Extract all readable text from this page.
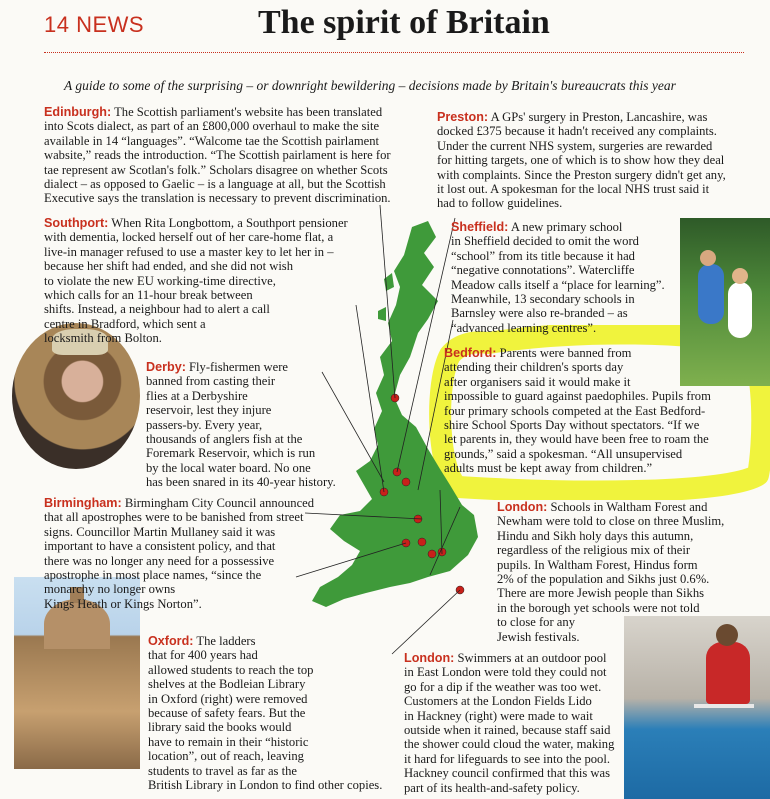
14 NEWS	The spirit of Britain
A guide to some of the surprising – or downright bewildering – decisions made by Britain's bureaucrats this year
Edinburgh: The Scottish parliament's website has been translated
into Scots dialect, as part of an £800,000 overhaul to make the site
available in 14 “languages”. “Walcome tae the Scottish pairlament
wabsite,” reads the introduction. “The Scottish pairlament is here for
tae represent aw Scotlan's folk.” Scholars disagree on whether Scots
dialect – as opposed to Gaelic – is a language at all, but the Scottish
Executive says the translation is necessary to prevent discrimination.
Preston: A GPs' surgery in Preston, Lancashire, was
docked £375 because it hadn't received any complaints.
Under the current NHS system, surgeries are rewarded
for hitting targets, one of which is to show how they deal
with complaints. Since the Preston surgery didn't get any,
it lost out. A spokesman for the local NHS trust said it
had to follow guidelines.
Southport: When Rita Longbottom, a Southport pensioner
with dementia, locked herself out of her care-home flat, a
live-in manager refused to use a master key to let her in –
because her shift had ended, and she did not wish
to violate the new EU working-time directive,
which calls for an 11-hour break between
shifts. Instead, a neighbour had to alert a call
centre in Bradford, which sent a
locksmith from Bolton.
Sheffield: A new primary school
in Sheffield decided to omit the word
“school” from its title because it had
“negative connotations”. Watercliffe
Meadow calls itself a “place for learning”.
Meanwhile, 13 secondary schools in
Barnsley were also re-branded – as
“advanced learning centres”.
Derby: Fly-fishermen were
banned from casting their
flies at a Derbyshire
reservoir, lest they injure
passers-by. Every year,
thousands of anglers fish at the
Foremark Reservoir, which is run
by the local water board. No one
has been snared in its 40-year history.
Bedford: Parents were banned from
attending their children's sports day
after organisers said it would make it
impossible to guard against paedophiles. Pupils from
four primary schools competed at the East Bedford-
shire School Sports Day without spectators. “If we
let parents in, they would have been free to roam the
grounds,” said a spokesman. “All unsupervised
adults must be kept away from children.”
Birmingham: Birmingham City Council announced
that all apostrophes were to be banished from street
signs. Councillor Martin Mullaney said it was
important to have a consistent policy, and that
there was no longer any need for a possessive
apostrophe in most place names, “since the
monarchy no longer owns
Kings Heath or Kings Norton”.
London: Schools in Waltham Forest and
Newham were told to close on three Muslim,
Hindu and Sikh holy days this autumn,
regardless of the religious mix of their
pupils. In Waltham Forest, Hindus form
2% of the population and Sikhs just 0.6%.
There are more Jewish people than Sikhs
in the borough yet schools were not told
to close for any
Jewish festivals.
Oxford: The ladders
that for 400 years had
allowed students to reach the top
shelves at the Bodleian Library
in Oxford (right) were removed
because of safety fears. But the
library said the books would
have to remain in their “historic
location”, out of reach, leaving
students to travel as far as the
British Library in London to find other copies.
London: Swimmers at an outdoor pool
in East London were told they could not
go for a dip if the weather was too wet.
Customers at the London Fields Lido
in Hackney (right) were made to wait
outside when it rained, because staff said
the shower could cloud the water, making
it hard for lifeguards to see into the pool.
Hackney council confirmed that this was
part of its health-and-safety policy.
